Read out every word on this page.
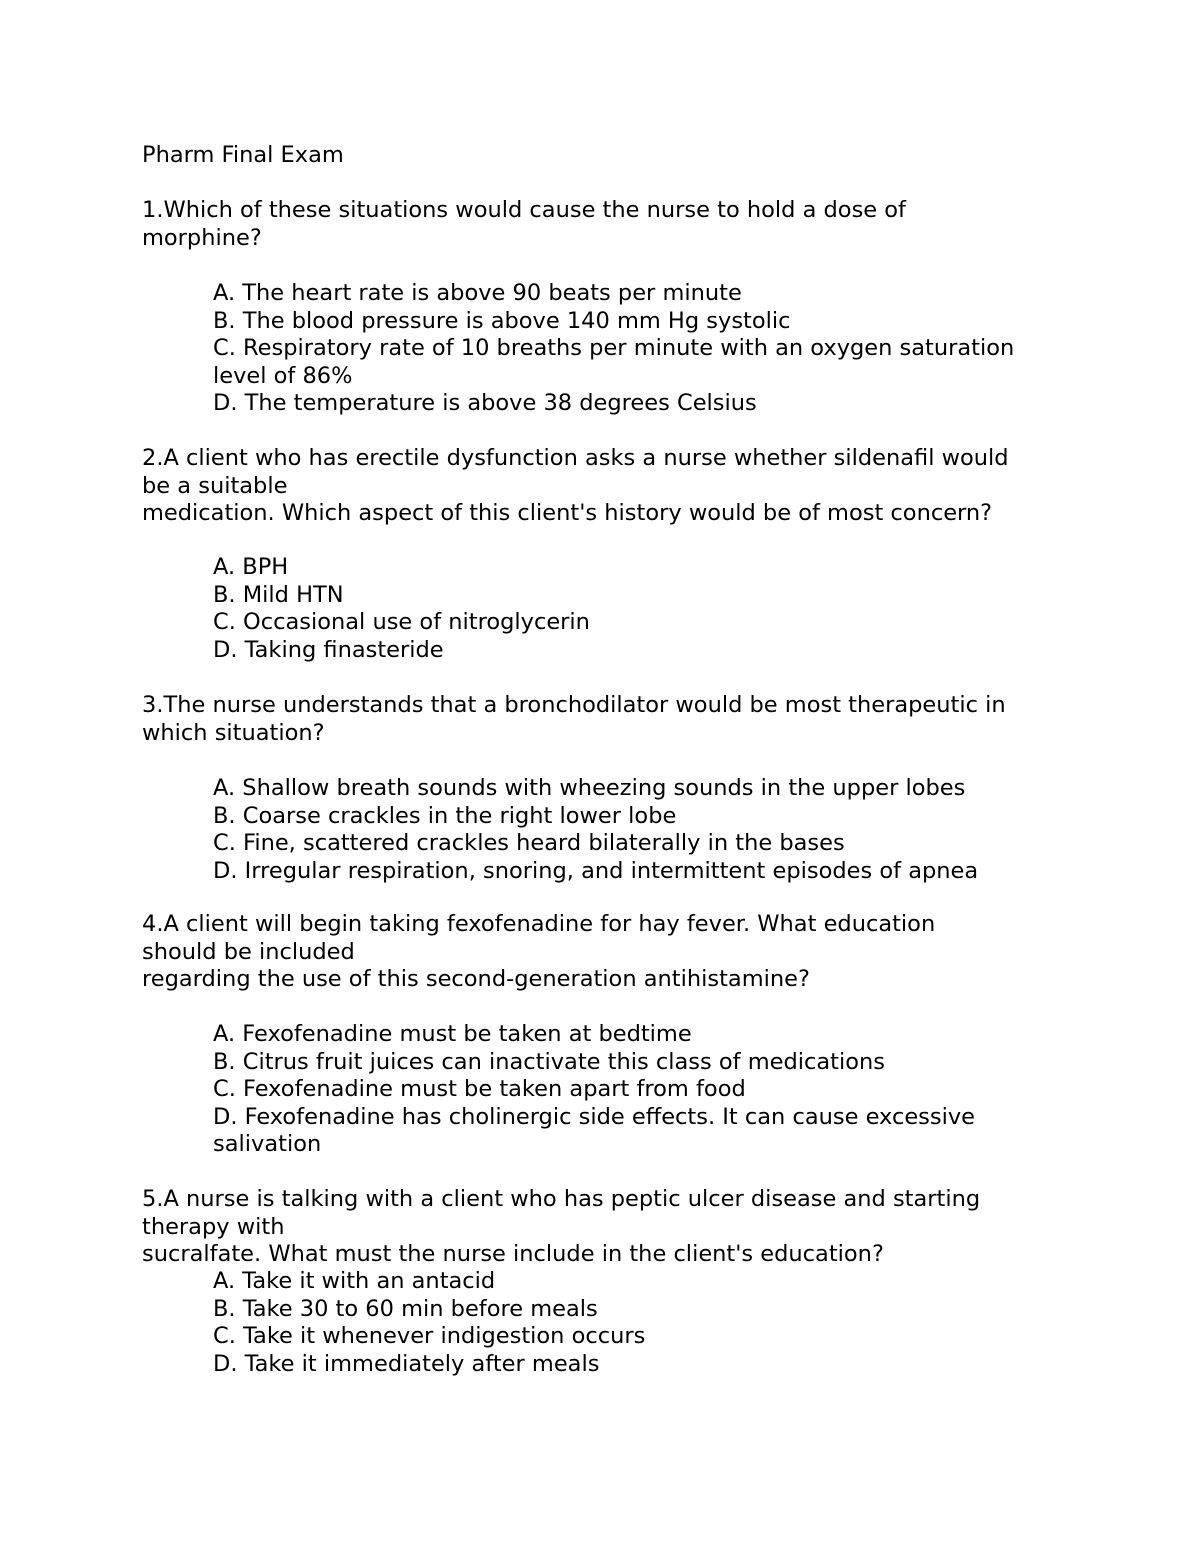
Pharm Final Exam
1.Which of these situations would cause the nurse to hold a dose of
morphine?
A. The heart rate is above 90 beats per minute
B. The blood pressure is above 140 mm Hg systolic
C. Respiratory rate of 10 breaths per minute with an oxygen saturation
level of 86%
D. The temperature is above 38 degrees Celsius
2.A client who has erectile dysfunction asks a nurse whether sildenafil would
be a suitable
medication. Which aspect of this client's history would be of most concern?
A. BPH
B. Mild HTN
C. Occasional use of nitroglycerin
D. Taking finasteride
3.The nurse understands that a bronchodilator would be most therapeutic in
which situation?
A. Shallow breath sounds with wheezing sounds in the upper lobes
B. Coarse crackles in the right lower lobe
C. Fine, scattered crackles heard bilaterally in the bases
D. Irregular respiration, snoring, and intermittent episodes of apnea
4.A client will begin taking fexofenadine for hay fever. What education
should be included
regarding the use of this second-generation antihistamine?
A. Fexofenadine must be taken at bedtime
B. Citrus fruit juices can inactivate this class of medications
C. Fexofenadine must be taken apart from food
D. Fexofenadine has cholinergic side effects. It can cause excessive
salivation
5.A nurse is talking with a client who has peptic ulcer disease and starting
therapy with
sucralfate. What must the nurse include in the client's education?
A. Take it with an antacid
B. Take 30 to 60 min before meals
C. Take it whenever indigestion occurs
D. Take it immediately after meals
